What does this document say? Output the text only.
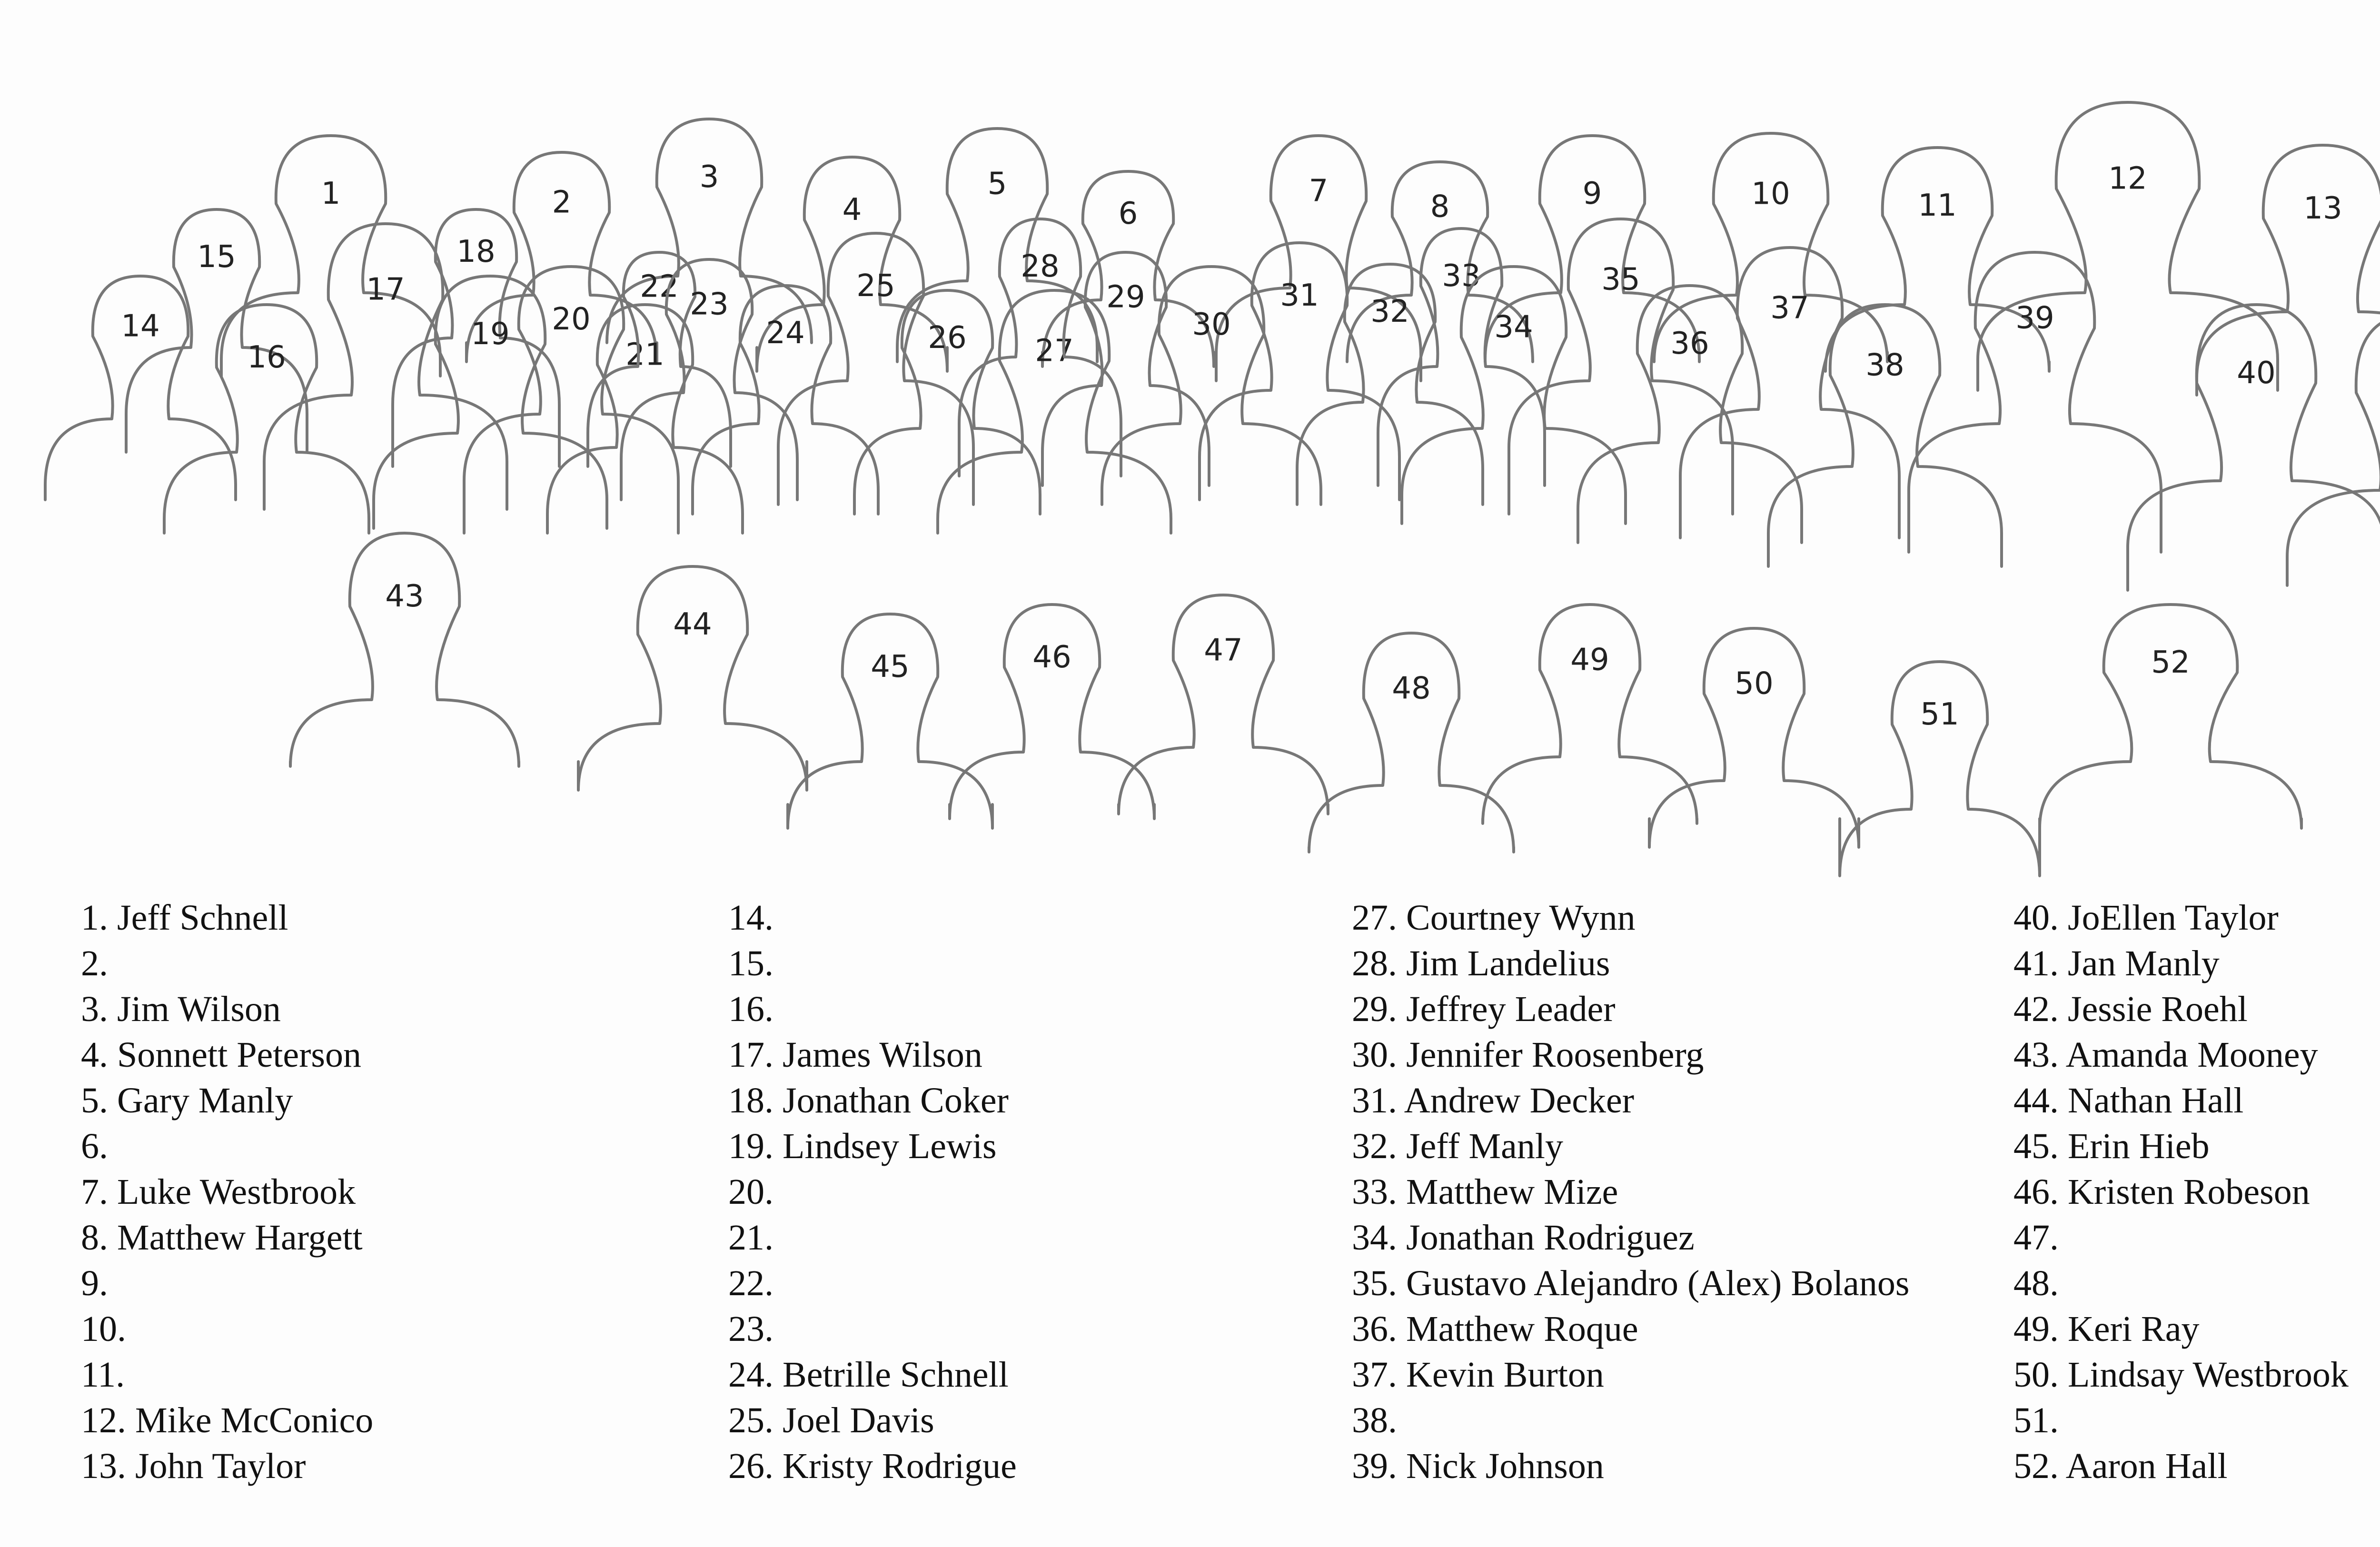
1	2
3
4
5
6
7	8	9	10	11
12
13
14
15
16
17
18
19 20
21
22 23
24
25
26 27
28
29
30
31 32
33
34
35
36
37
38
39
40
43
44
45	46	47
48
49
50
51
52
1. Jeff Schnell
2.
3. Jim Wilson
4. Sonnett Peterson
5. Gary Manly
6.
7. Luke Westbrook
8. Matthew Hargett
9.
10.
11.
12. Mike McConico
13. John Taylor
14.
15.
16.
17. James Wilson
18. Jonathan Coker
19. Lindsey Lewis
20.
21.
22.
23.
24. Betrille Schnell
25. Joel Davis
26. Kristy Rodrigue
27. Courtney Wynn
28. Jim Landelius
29. Jeffrey Leader
30. Jennifer Roosenberg
31. Andrew Decker
32. Jeff Manly
33. Matthew Mize
34. Jonathan Rodriguez
35. Gustavo Alejandro (Alex) Bolanos
36. Matthew Roque
37. Kevin Burton
38.
39. Nick Johnson
40. JoEllen Taylor
41. Jan Manly
42. Jessie Roehl
43. Amanda Mooney
44. Nathan Hall
45. Erin Hieb
46. Kristen Robeson
47.
48.
49. Keri Ray
50. Lindsay Westbrook
51.
52. Aaron Hall
